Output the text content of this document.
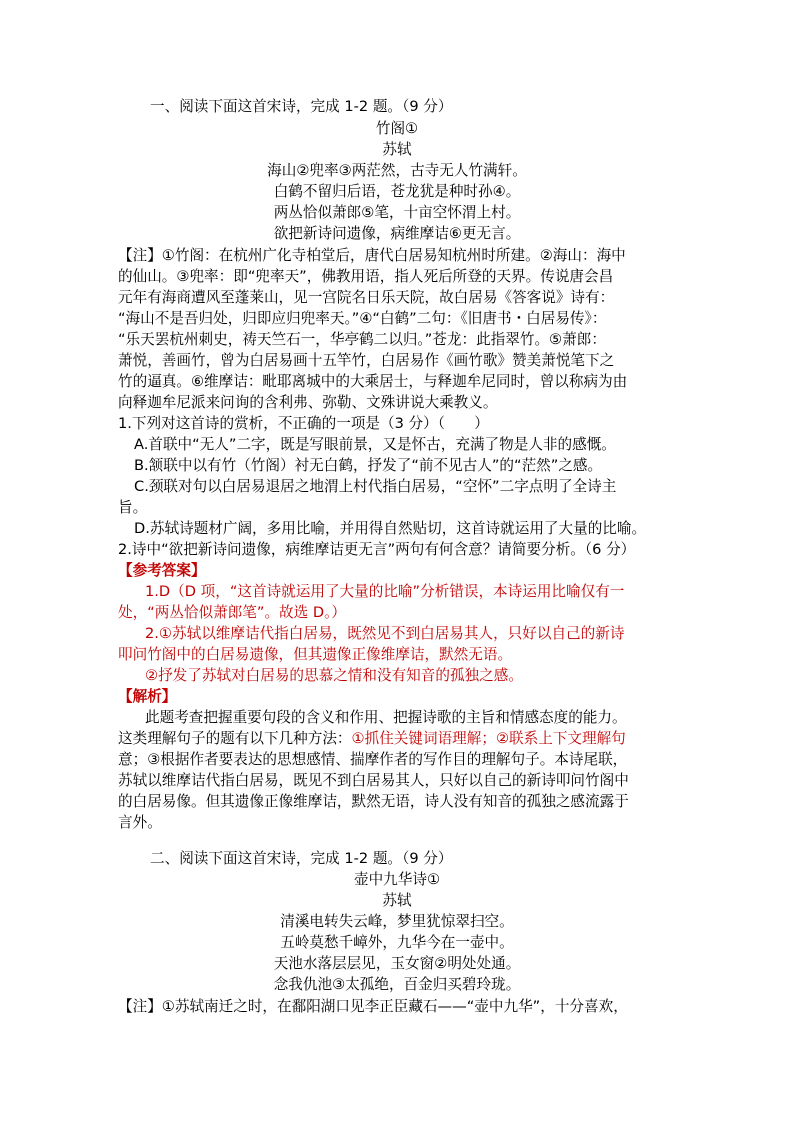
一、阅读下面这首宋诗，完成 1-2 题。（9 分）
竹阁①
苏轼
海山②兜率③两茫然，古寺无人竹满轩。
白鹤不留归后语，苍龙犹是种时孙④。
两丛恰似萧郎⑤笔，十亩空怀渭上村。
欲把新诗问遗像，病维摩诘⑥更无言。
【注】①竹阁：在杭州广化寺柏堂后，唐代白居易知杭州时所建。②海山：海中
的仙山。③兜率：即“兜率天”，佛教用语，指人死后所登的天界。传说唐会昌
元年有海商遭风至蓬莱山，见一宫院名日乐天院，故白居易《答客说》诗有：
“海山不是吾归处，归即应归兜率天。”④“白鹤”二句：《旧唐书・白居易传》：
“乐天罢杭州刺史，祷天竺石一，华亭鹤二以归。”苍龙：此指翠竹。⑤萧郎：
萧悦，善画竹，曾为白居易画十五竿竹，白居易作《画竹歌》赞美萧悦笔下之
竹的逼真。⑥维摩诘：毗耶离城中的大乘居士，与释迦牟尼同时，曾以称病为由
向释迦牟尼派来问询的含利弗、弥勒、文殊讲说大乘教义。
1.下列对这首诗的赏析，不正确的一项是（3 分）（　　）
A.首联中“无人”二字，既是写眼前景，又是怀古，充满了物是人非的感慨。
B.颔联中以有竹（竹阁）衬无白鹤，抒发了“前不见古人”的“茫然”之感。
C.颈联对句以白居易退居之地渭上村代指白居易，“空怀”二字点明了全诗主
旨。
D.苏轼诗题材广阔，多用比喻，并用得自然贴切，这首诗就运用了大量的比喻。
2.诗中“欲把新诗问遗像，病维摩诘更无言”两句有何含意？请简要分析。（6 分）
【参考答案】
1.D（D 项，“这首诗就运用了大量的比喻”分析错误，本诗运用比喻仅有一
处，“两丛恰似萧郎笔”。故选 D。）
2.①苏轼以维摩诘代指白居易，既然见不到白居易其人，只好以自己的新诗
叩问竹阁中的白居易遗像，但其遗像正像维摩诘，默然无语。
②抒发了苏轼对白居易的思慕之情和没有知音的孤独之感。
【解析】
此题考查把握重要句段的含义和作用、把握诗歌的主旨和情感态度的能力。
这类理解句子的题有以下几种方法：①抓住关键词语理解；②联系上下文理解句
意；③根据作者要表达的思想感情、揣摩作者的写作目的理解句子。本诗尾联，
苏轼以维摩诘代指白居易，既见不到白居易其人，只好以自己的新诗叩问竹阁中
的白居易像。但其遗像正像维摩诘，默然无语，诗人没有知音的孤独之感流露于
言外。
二、阅读下面这首宋诗，完成 1-2 题。（9 分）
壶中九华诗①
苏轼
清溪电转失云峰，梦里犹惊翠扫空。
五岭莫愁千嶂外，九华今在一壶中。
天池水落层层见，玉女窗②明处处通。
念我仇池③太孤绝，百金归买碧玲珑。
【注】①苏轼南迁之时，在鄱阳湖口见李正臣藏石——“壶中九华”，十分喜欢，
